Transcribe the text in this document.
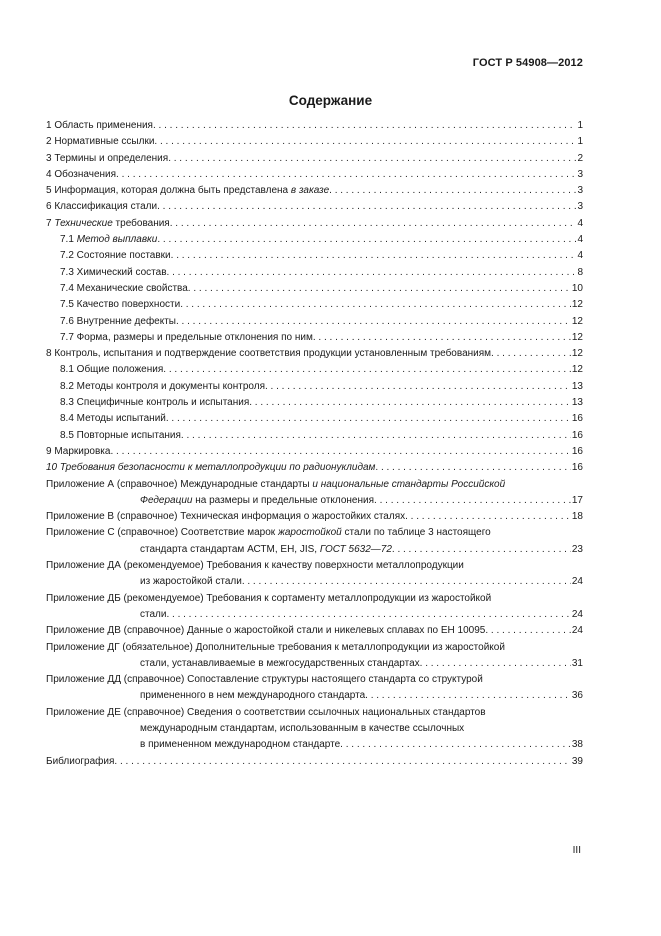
ГОСТ Р 54908—2012
Содержание
1 Область применения . . .	1
2 Нормативные ссылки . . .	1
3 Термины и определения . . .	2
4 Обозначения . . .	3
5 Информация, которая должна быть представлена в заказе . . .	3
6 Классификация стали . . .	3
7 Технические требования . . .	4
7.1 Метод выплавки . . .	4
7.2 Состояние поставки . . .	4
7.3 Химический состав . . .	8
7.4 Механические свойства . . .	10
7.5 Качество поверхности . . .	12
7.6 Внутренние дефекты . . .	12
7.7 Форма, размеры и предельные отклонения по ним . . .	12
8 Контроль, испытания и подтверждение соответствия продукции установленным требованиям . . .	12
8.1 Общие положения . . .	12
8.2 Методы контроля и документы контроля . . .	13
8.3 Специфичные контроль и испытания . . .	13
8.4 Методы испытаний . . .	16
8.5 Повторные испытания . . .	16
9 Маркировка . . .	16
10 Требования безопасности к металлопродукции по радионуклидам . . .	16
Приложение А (справочное) Международные стандарты и национальные стандарты Российской
Федерации на размеры и предельные отклонения . . .	17
Приложение В (справочное) Техническая информация о жаростойких сталях . . .	18
Приложение С (справочное) Соответствие марок жаростойкой стали по таблице 3 настоящего
стандарта стандартам АСТМ, ЕН, JIS, ГОСТ 5632—72 . . .	23
Приложение ДА (рекомендуемое) Требования к качеству поверхности металлопродукции
из жаростойкой стали . . .	24
Приложение ДБ (рекомендуемое) Требования к сортаменту металлопродукции из жаростойкой
стали . . .	24
Приложение ДВ (справочное) Данные о жаростойкой стали и никелевых сплавах по ЕН 10095 . . .	24
Приложение ДГ (обязательное) Дополнительные требования к металлопродукции из жаростойкой
стали, устанавливаемые в межгосударственных стандартах . . .	31
Приложение ДД (справочное) Сопоставление структуры настоящего стандарта со структурой
примененного в нем международного стандарта . . .	36
Приложение ДЕ (справочное) Сведения о соответствии ссылочных национальных стандартов
международным стандартам, использованным в качестве ссылочных
в примененном международном стандарте . . .	38
Библиография . . .	39
III
